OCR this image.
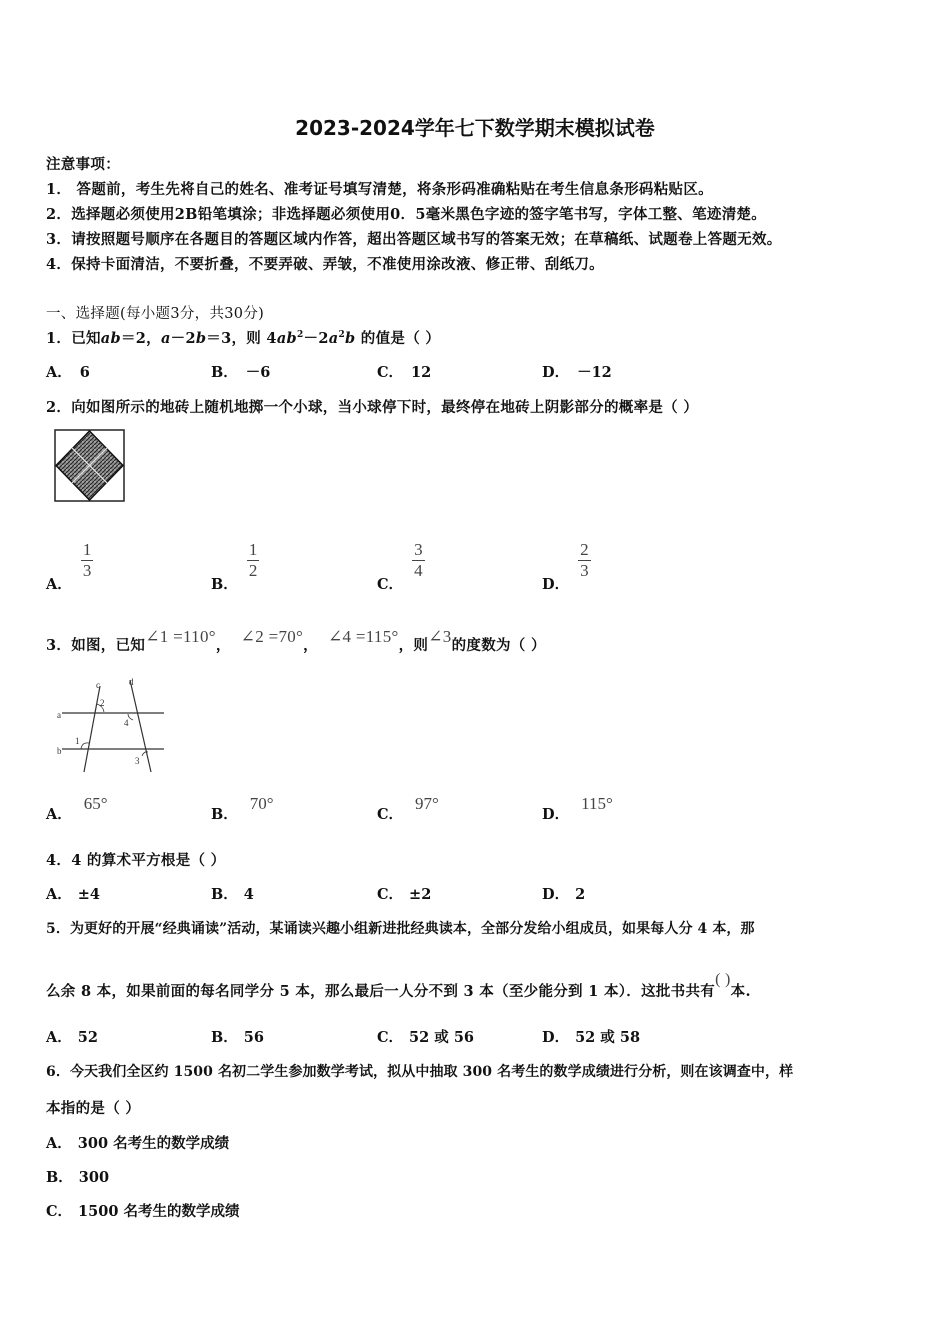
2023-2024学年七下数学期末模拟试卷
注意事项：
1． 答题前，考生先将自己的姓名、准考证号填写清楚，将条形码准确粘贴在考生信息条形码粘贴区。
2．选择题必须使用2B铅笔填涂；非选择题必须使用0．5毫米黑色字迹的签字笔书写，字体工整、笔迹清楚。
3．请按照题号顺序在各题目的答题区域内作答，超出答题区域书写的答案无效；在草稿纸、试题卷上答题无效。
4．保持卡面清洁，不要折叠，不要弄破、弄皱，不准使用涂改液、修正带、刮纸刀。
一、选择题(每小题3分，共30分)
1．已知ab＝2，a－2b＝3，则 $4ab^2-2a^2b$ 的值是（ ）
A． 6	B． －6	C． 12	D． －12
2．向如图所示的地砖上随机地掷一个小球，当小球停下时，最终停在地砖上阴影部分的概率是（ ）
A．
$\frac{1}{3}$
B．
$\frac{1}{2}$
C．
$\frac{3}{4}$
D．
$\frac{2}{3}$
3．如图，已知∠1 =110°， ∠2 =70°， ∠4 =115°，则∠3的度数为（ ）
c	d
2
4
a
1
b
3
A．65°
B．70°
C．97°
D．115°
4．4 的算术平方根是（ ）
A． ±4	B． 4	C． ±2	D． 2
5．为更好的开展“经典诵读”活动，某诵读兴趣小组新进批经典读本，全部分发给小组成员，如果每人分 4 本，那
么余 8 本，如果前面的每名同学分 5 本，那么最后一人分不到 3 本（至少能分到 1 本）．这批书共有( )本.
A． 52	B． 56	C． 52 或 56	D． 52 或 58
6．今天我们全区约 1500 名初二学生参加数学考试，拟从中抽取 300 名考生的数学成绩进行分析，则在该调查中，样
本指的是（ ）
A． 300 名考生的数学成绩
B． 300
C． 1500 名考生的数学成绩
